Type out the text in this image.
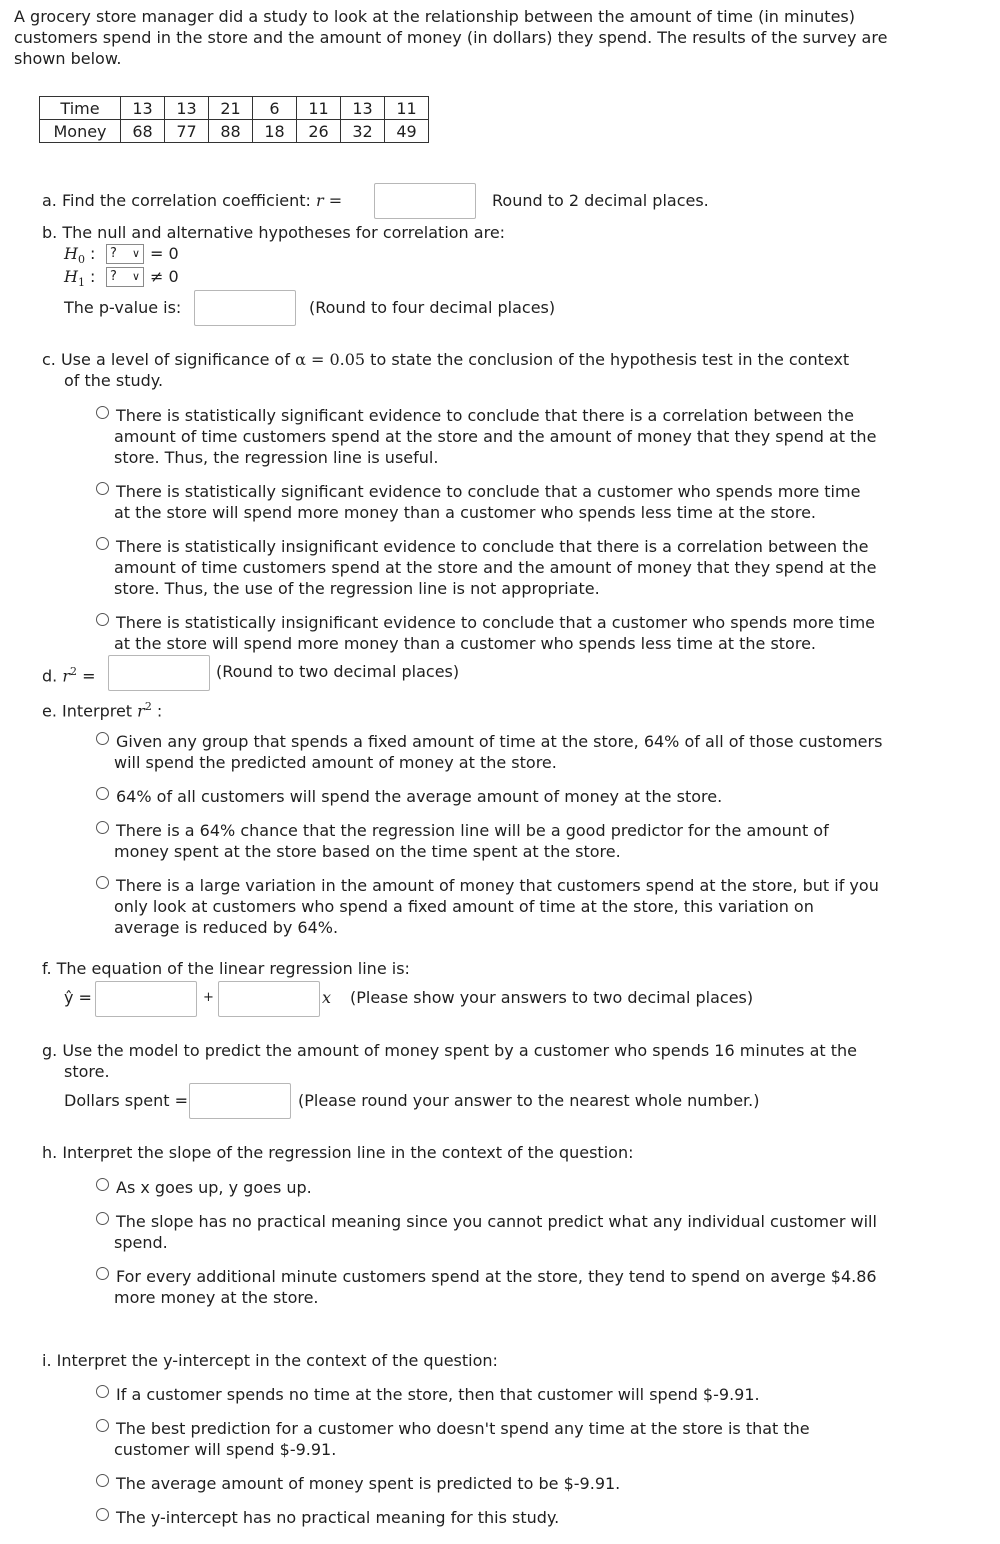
A grocery store manager did a study to look at the relationship between the amount of time (in minutes) customers spend in the store and the amount of money (in dollars) they spend. The results of the survey are shown below.
Time	13	13	21	6	11	13	11
Money	68	77	88	18	26	32	49
a. Find the correlation coefficient: r =	Round to 2 decimal places.
b. The null and alternative hypotheses for correlation are:
$H_0$ :	? ∨ = 0
$H_1$ :	? ∨ ≠ 0
The p-value is:	(Round to four decimal places)
c. Use a level of significance of α = 0.05 to state the conclusion of the hypothesis test in the context
of the study.
There is statistically significant evidence to conclude that there is a correlation between the
amount of time customers spend at the store and the amount of money that they spend at the
store. Thus, the regression line is useful.
There is statistically significant evidence to conclude that a customer who spends more time
at the store will spend more money than a customer who spends less time at the store.
There is statistically insignificant evidence to conclude that there is a correlation between the
amount of time customers spend at the store and the amount of money that they spend at the
store. Thus, the use of the regression line is not appropriate.
There is statistically insignificant evidence to conclude that a customer who spends more time
at the store will spend more money than a customer who spends less time at the store.
d. $r^2$ =	(Round to two decimal places)
e. Interpret $r^2$ :
Given any group that spends a fixed amount of time at the store, 64% of all of those customers
will spend the predicted amount of money at the store.
64% of all customers will spend the average amount of money at the store.
There is a 64% chance that the regression line will be a good predictor for the amount of
money spent at the store based on the time spent at the store.
There is a large variation in the amount of money that customers spend at the store, but if you
only look at customers who spend a fixed amount of time at the store, this variation on
average is reduced by 64%.
f. The equation of the linear regression line is:
ŷ =	+	x (Please show your answers to two decimal places)
g. Use the model to predict the amount of money spent by a customer who spends 16 minutes at the
store.
Dollars spent =	(Please round your answer to the nearest whole number.)
h. Interpret the slope of the regression line in the context of the question:
As x goes up, y goes up.
The slope has no practical meaning since you cannot predict what any individual customer will
spend.
For every additional minute customers spend at the store, they tend to spend on averge $4.86
more money at the store.
i. Interpret the y-intercept in the context of the question:
If a customer spends no time at the store, then that customer will spend $-9.91.
The best prediction for a customer who doesn't spend any time at the store is that the
customer will spend $-9.91.
The average amount of money spent is predicted to be $-9.91.
The y-intercept has no practical meaning for this study.
